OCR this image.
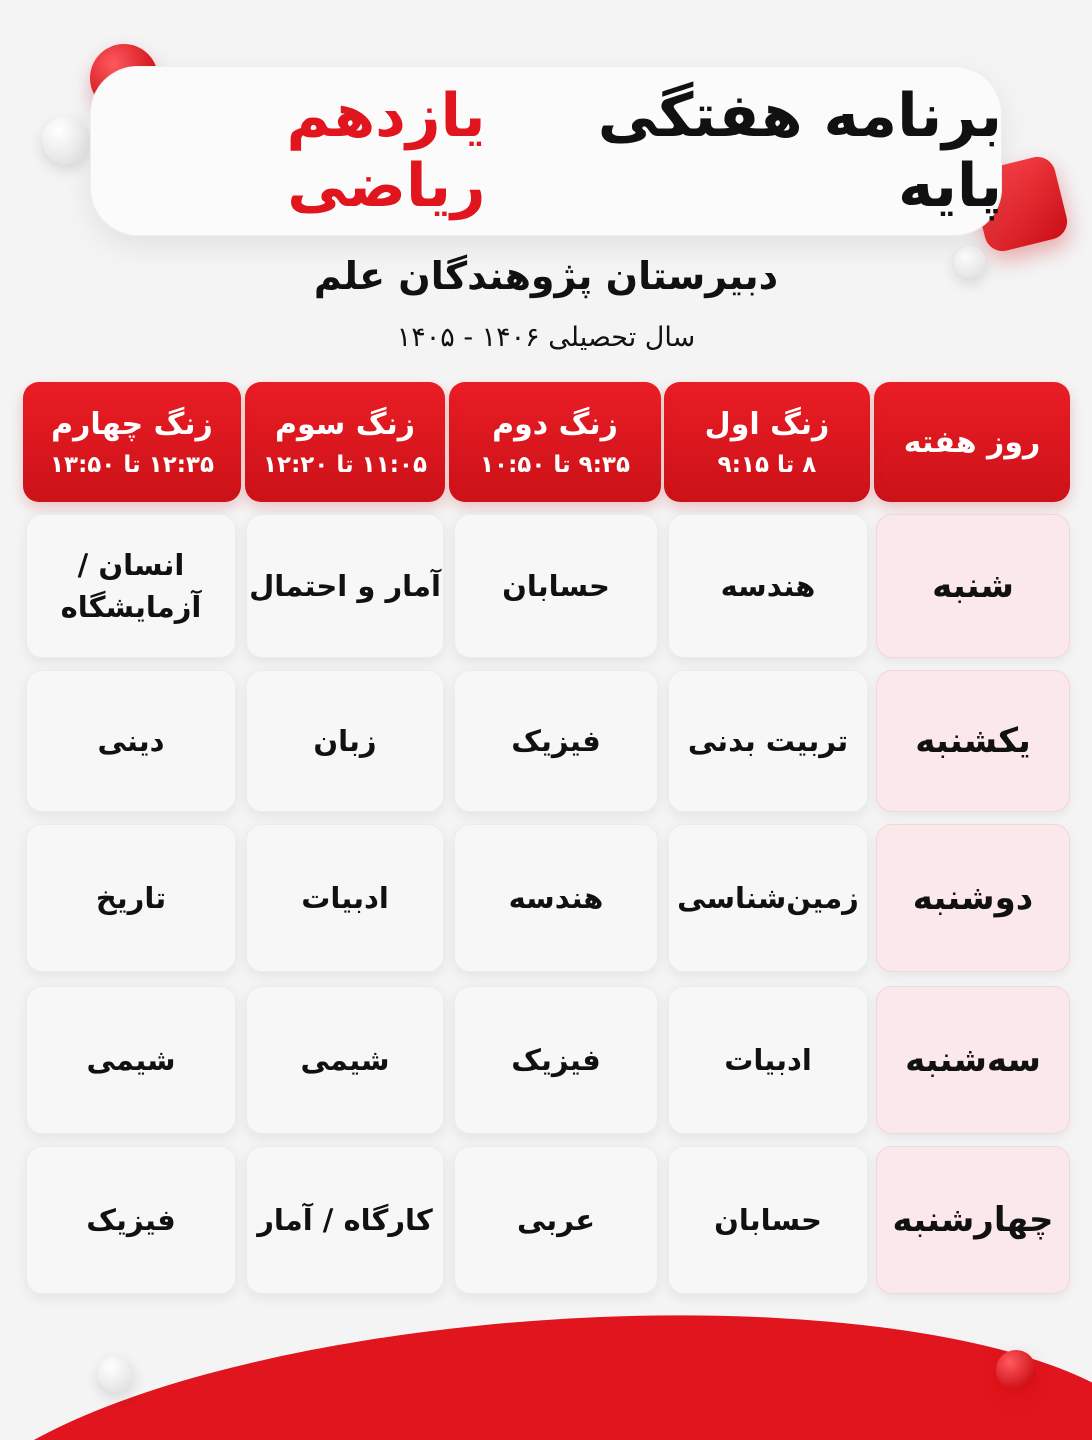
برنامه هفتگی پایه
یازدهم ریاضی
دبیرستان پژوهندگان علم
سال تحصیلی ۱۴۰۶ - ۱۴۰۵
روز هفته
زنگ اول
۸ تا ۹:۱۵
زنگ دوم
۹:۳۵ تا ۱۰:۵۰
زنگ سوم
۱۱:۰۵ تا ۱۲:۲۰
زنگ چهارم
۱۲:۳۵ تا ۱۳:۵۰
شنبه
هندسه
حسابان
آمار و احتمال
انسان / آزمایشگاه
یکشنبه
تربیت بدنی
فیزیک
زبان
دینی
دوشنبه
زمین‌شناسی
هندسه
ادبیات
تاریخ
سه‌شنبه
ادبیات
فیزیک
شیمی
شیمی
چهارشنبه
حسابان
عربی
کارگاه / آمار
فیزیک
